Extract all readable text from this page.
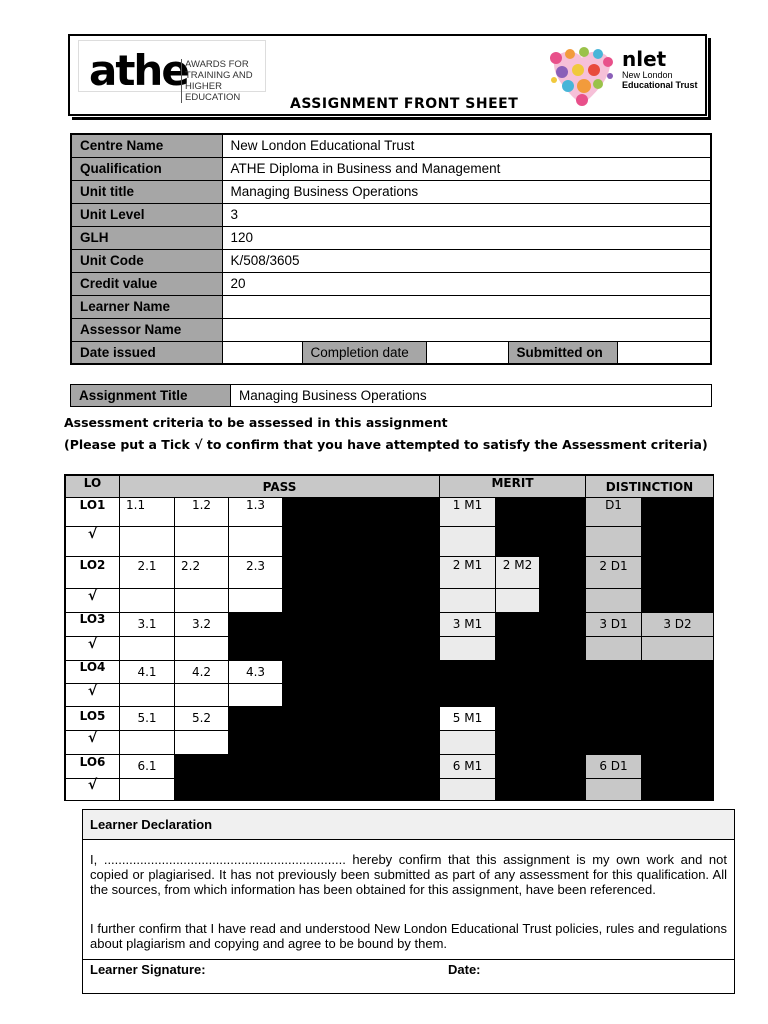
athe
AWARDS FOR
TRAINING AND
HIGHER EDUCATION	ASSIGNMENT FRONT SHEET
nlet
New London
Educational Trust
Centre Name	New London Educational Trust				
Qualification	ATHE Diploma in Business and Management				
Unit title	Managing Business Operations				
Unit Level	3				
GLH	120				
Unit Code	K/508/3605				
Credit value	20				
Learner Name					
Assessor Name					
Date issued		Completion date		Submitted on	
Assignment Title	Managing Business Operations
Assessment criteria to be assessed in this assignment
(Please put a Tick √ to confirm that you have attempted to satisfy the Assessment criteria)
LO	PASS	MERIT	DISTINCTION
LO1	1.1	1.2	1.3	1 M1	D1
√
LO2	2.1	2.2	2.3	2 M1	2 M2	2 D1
√
LO3	3.1	3.2	3 M1	3 D1	3 D2
√
LO4	4.1	4.2	4.3
√
LO5	5.1	5.2	5 M1
√
LO6	6.1	6 M1	6 D1
√
Learner Declaration
I, ................................................................... hereby confirm that this assignment is my own work and not copied or plagiarised. It has not previously been submitted as part of any assessment for this qualification. All the sources, from which information has been obtained for this assignment, have been referenced.
I further confirm that I have read and understood New London Educational Trust policies, rules and regulations about plagiarism and copying and agree to be bound by them.
Learner Signature:	Date:
